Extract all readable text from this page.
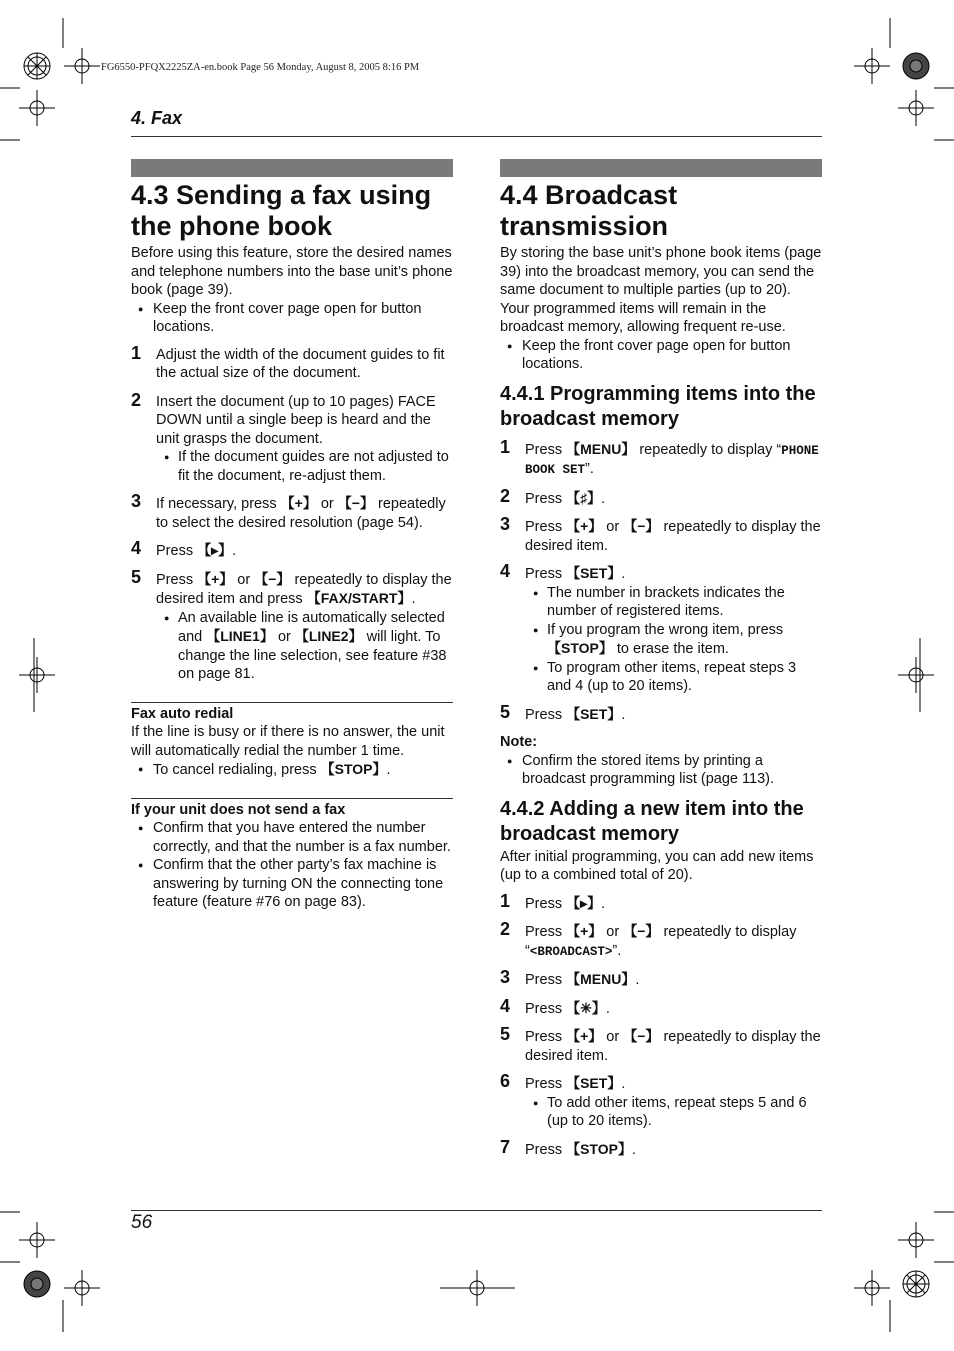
FG6550-PFQX2225ZA-en.book Page 56 Monday, August 8, 2005 8:16 PM
4. Fax
4.3 Sending a fax using the phone book

Before using this feature, store the desired names and telephone numbers into the base unit’s phone book (page 39).

● Keep the front cover page open for button locations.

1 Adjust the width of the document guides to fit the actual size of the document.
2 Insert the document (up to 10 pages) FACE DOWN until a single beep is heard and the unit grasps the document.

● If the document guides are not adjusted to fit the document, re-adjust them.

3 If necessary, press 【+】 or 【−】 repeatedly to select the desired resolution (page 54).
4 Press 【▸】.
5 Press 【+】 or 【−】 repeatedly to display the desired item and press 【FAX/START】.

● An available line is automatically selected and 【LINE1】 or 【LINE2】 will light. To change the line selection, see feature #38 on page 81.

Fax auto redial

If the line is busy or if there is no answer, the unit will automatically redial the number 1 time.

● To cancel redialing, press 【STOP】.

If your unit does not send a fax

● Confirm that you have entered the number correctly, and that the number is a fax number.

● Confirm that the other party’s fax machine is answering by turning ON the connecting tone feature (feature #76 on page 83).

4.4 Broadcast transmission

By storing the base unit’s phone book items (page 39) into the broadcast memory, you can send the same document to multiple parties (up to 20). Your programmed items will remain in the broadcast memory, allowing frequent re-use.

● Keep the front cover page open for button locations.

4.4.1 Programming items into the broadcast memory
1 Press 【MENU】 repeatedly to display “PHONE BOOK SET”.
2 Press 【♯】.
3 Press 【+】 or 【−】 repeatedly to display the desired item.
4 Press 【SET】.

● The number in brackets indicates the number of registered items.

● If you program the wrong item, press 【STOP】 to erase the item.

● To program other items, repeat steps 3 and 4 (up to 20 items).

5 Press 【SET】.

Note:

● Confirm the stored items by printing a broadcast programming list (page 113).

4.4.2 Adding a new item into the broadcast memory

After initial programming, you can add new items (up to a combined total of 20).

1 Press 【▸】.
2 Press 【+】 or 【−】 repeatedly to display “<BROADCAST>”.
3 Press 【MENU】.
4 Press 【✳】.
5 Press 【+】 or 【−】 repeatedly to display the desired item.
6 Press 【SET】.

● To add other items, repeat steps 5 and 6 (up to 20 items).

7 Press 【STOP】.
56
